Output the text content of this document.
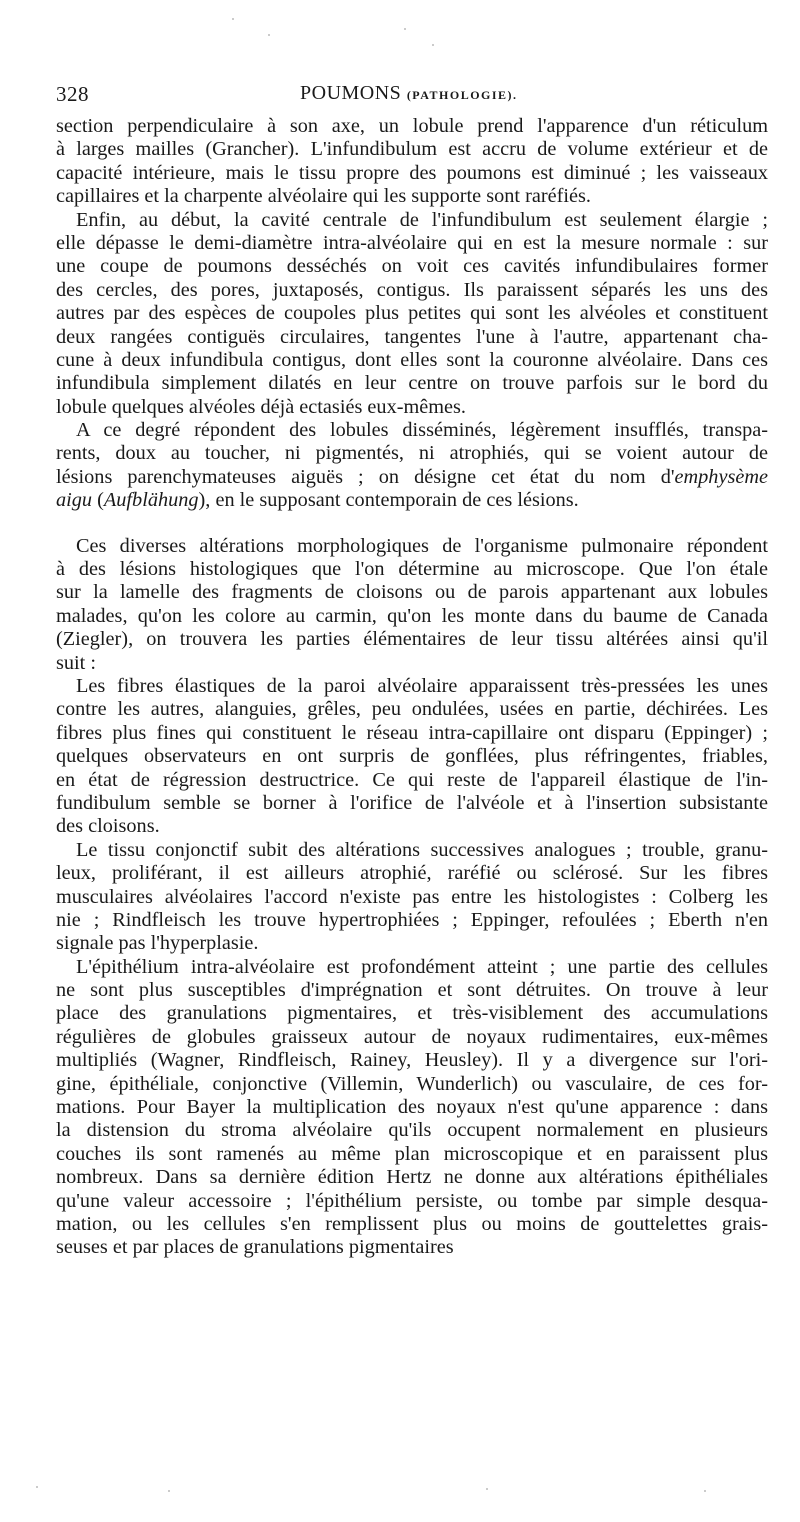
328	POUMONS (PATHOLOGIE).
section perpendiculaire à son axe, un lobule prend l'apparence d'un réticulum
à larges mailles (Grancher). L'infundibulum est accru de volume extérieur et de
capacité intérieure, mais le tissu propre des poumons est diminué ; les vaisseaux
capillaires et la charpente alvéolaire qui les supporte sont raréfiés.
Enfin, au début, la cavité centrale de l'infundibulum est seulement élargie ;
elle dépasse le demi-diamètre intra-alvéolaire qui en est la mesure normale : sur
une coupe de poumons desséchés on voit ces cavités infundibulaires former
des cercles, des pores, juxtaposés, contigus. Ils paraissent séparés les uns des
autres par des espèces de coupoles plus petites qui sont les alvéoles et constituent
deux rangées contiguës circulaires, tangentes l'une à l'autre, appartenant cha-
cune à deux infundibula contigus, dont elles sont la couronne alvéolaire. Dans ces
infundibula simplement dilatés en leur centre on trouve parfois sur le bord du
lobule quelques alvéoles déjà ectasiés eux-mêmes.
A ce degré répondent des lobules disséminés, légèrement insufflés, transpa-
rents, doux au toucher, ni pigmentés, ni atrophiés, qui se voient autour de
lésions parenchymateuses aiguës ; on désigne cet état du nom d'emphysème
aigu (Aufblähung), en le supposant contemporain de ces lésions.
Ces diverses altérations morphologiques de l'organisme pulmonaire répondent
à des lésions histologiques que l'on détermine au microscope. Que l'on étale
sur la lamelle des fragments de cloisons ou de parois appartenant aux lobules
malades, qu'on les colore au carmin, qu'on les monte dans du baume de Canada
(Ziegler), on trouvera les parties élémentaires de leur tissu altérées ainsi qu'il
suit :
Les fibres élastiques de la paroi alvéolaire apparaissent très-pressées les unes
contre les autres, alanguies, grêles, peu ondulées, usées en partie, déchirées. Les
fibres plus fines qui constituent le réseau intra-capillaire ont disparu (Eppinger) ;
quelques observateurs en ont surpris de gonflées, plus réfringentes, friables,
en état de régression destructrice. Ce qui reste de l'appareil élastique de l'in-
fundibulum semble se borner à l'orifice de l'alvéole et à l'insertion subsistante
des cloisons.
Le tissu conjonctif subit des altérations successives analogues ; trouble, granu-
leux, proliférant, il est ailleurs atrophié, raréfié ou sclérosé. Sur les fibres
musculaires alvéolaires l'accord n'existe pas entre les histologistes : Colberg les
nie ; Rindfleisch les trouve hypertrophiées ; Eppinger, refoulées ; Eberth n'en
signale pas l'hyperplasie.
L'épithélium intra-alvéolaire est profondément atteint ; une partie des cellules
ne sont plus susceptibles d'imprégnation et sont détruites. On trouve à leur
place des granulations pigmentaires, et très-visiblement des accumulations
régulières de globules graisseux autour de noyaux rudimentaires, eux-mêmes
multipliés (Wagner, Rindfleisch, Rainey, Heusley). Il y a divergence sur l'ori-
gine, épithéliale, conjonctive (Villemin, Wunderlich) ou vasculaire, de ces for-
mations. Pour Bayer la multiplication des noyaux n'est qu'une apparence : dans
la distension du stroma alvéolaire qu'ils occupent normalement en plusieurs
couches ils sont ramenés au même plan microscopique et en paraissent plus
nombreux. Dans sa dernière édition Hertz ne donne aux altérations épithéliales
qu'une valeur accessoire ; l'épithélium persiste, ou tombe par simple desqua-
mation, ou les cellules s'en remplissent plus ou moins de gouttelettes grais-
seuses et par places de granulations pigmentaires
